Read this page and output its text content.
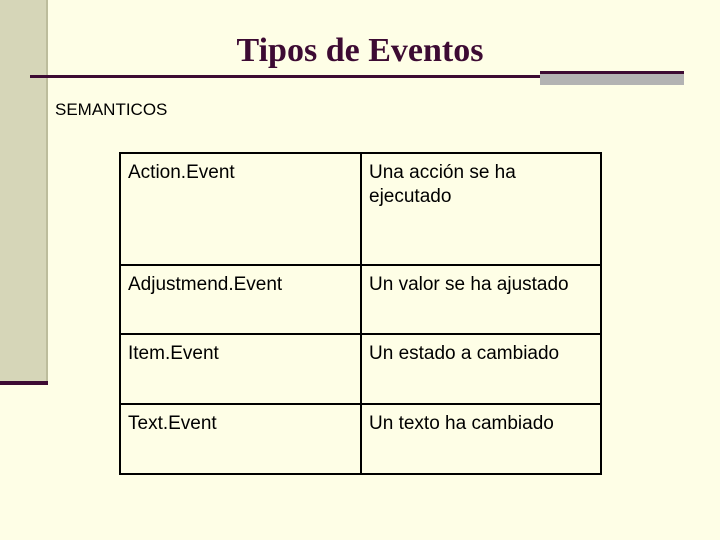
Tipos de Eventos
SEMANTICOS
Action.Event	Una acción se ha ejecutado
Adjustmend.Event	Un valor se ha ajustado
Item.Event	Un estado a cambiado
Text.Event	Un texto ha cambiado
